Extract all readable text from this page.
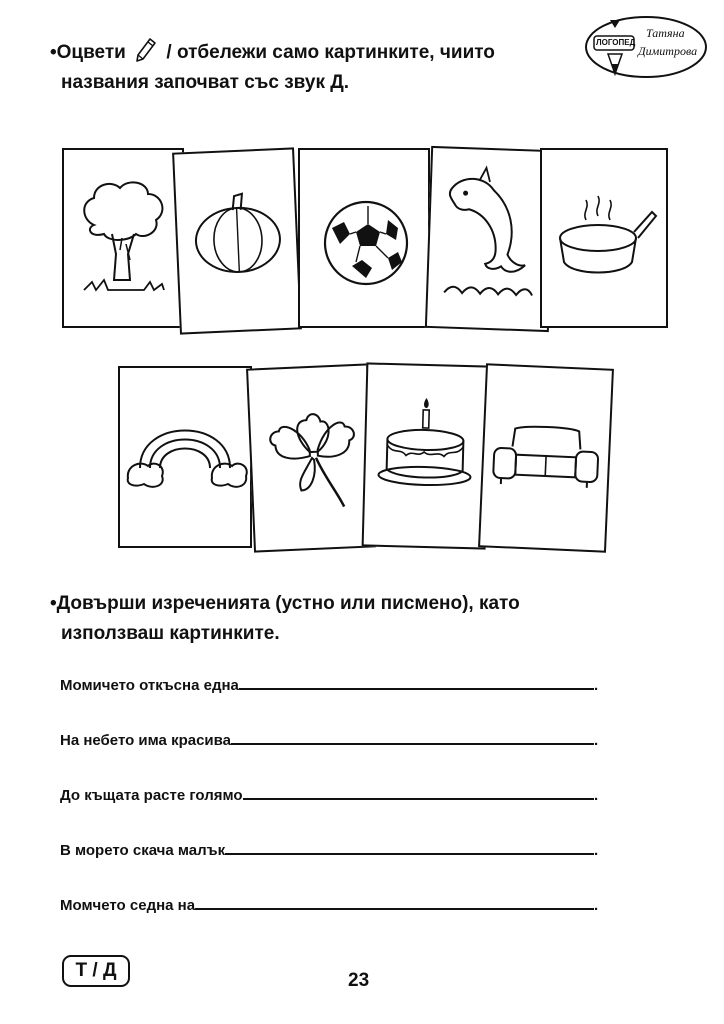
•Оцвети / отбележи само картинките, чиито
названия започват със звук Д.
ЛОГОПЕД
Татяна
Димитрова
•Довърши изреченията (устно или писмено), като
използваш картинките.
Момичето откъсна една	.
На небето има красива	.
До къщата расте голямо	.
В морето скача малък	.
Момчето седна на	.
Т / Д	23
